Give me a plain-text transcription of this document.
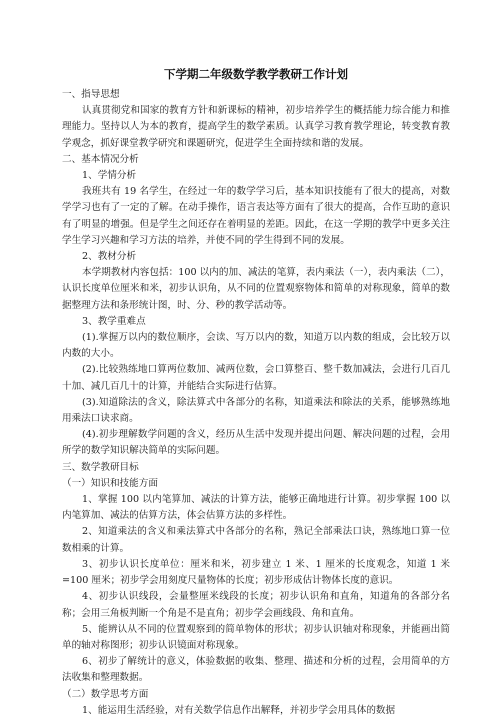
下学期二年级数学教学教研工作计划
一、指导思想
认真贯彻党和国家的教育方针和新课标的精神，初步培养学生的概括能力综合能力和推理能力。坚持以人为本的教育，提高学生的数学素质。认真学习教育教学理论，转变教育教学观念，抓好课堂教学研究和课题研究，促进学生全面持续和谐的发展。
二、基本情况分析
1、学情分析
我班共有 19 名学生，在经过一年的数学学习后，基本知识技能有了很大的提高，对数学学习也有了一定的了解。在动手操作，语言表达等方面有了很大的提高，合作互助的意识有了明显的增强。但是学生之间还存在着明显的差距。因此，在这一学期的教学中更多关注学生学习兴趣和学习方法的培养，并使不同的学生得到不同的发展。
2、教材分析
本学期教材内容包括：100 以内的加、减法的笔算，表内乘法（一），表内乘法（二），认识长度单位厘米和米，初步认识角，从不同的位置观察物体和简单的对称现象，简单的数据整理方法和条形统计图，时、分、秒的教学活动等。
3、教学重难点
(1).掌握万以内的数位顺序，会读、写万以内的数，知道万以内数的组成，会比较万以内数的大小。
(2).比较熟练地口算两位数加、减两位数，会口算整百、整千数加减法，会进行几百几十加、减几百几十的计算，并能结合实际进行估算。
(3).知道除法的含义，除法算式中各部分的名称，知道乘法和除法的关系，能够熟练地用乘法口诀求商。
(4).初步理解数学问题的含义，经历从生活中发现并提出问题、解决问题的过程，会用所学的数学知识解决简单的实际问题。
三、数学教研目标
（一）知识和技能方面
1、掌握 100 以内笔算加、减法的计算方法，能够正确地进行计算。初步掌握 100 以内笔算加、减法的估算方法，体会估算方法的多样性。
2、知道乘法的含义和乘法算式中各部分的名称，熟记全部乘法口诀，熟练地口算一位数相乘的计算。
3、初步认识长度单位：厘米和米，初步建立 1 米、1 厘米的长度观念，知道 1 米=100 厘米；初步学会用刻度尺量物体的长度；初步形成估计物体长度的意识。
4、初步认识线段，会量整厘米线段的长度；初步认识角和直角，知道角的各部分名称；会用三角板判断一个角是不是直角；初步学会画线段、角和直角。
5、能辨认从不同的位置观察到的简单物体的形状；初步认识轴对称现象，并能画出简单的轴对称图形；初步认识镜面对称现象。
6、初步了解统计的意义，体验数据的收集、整理、描述和分析的过程，会用简单的方法收集和整理数据。
（二）数学思考方面
1、能运用生活经验，对有关数学信息作出解释，并初步学会用具体的数据
